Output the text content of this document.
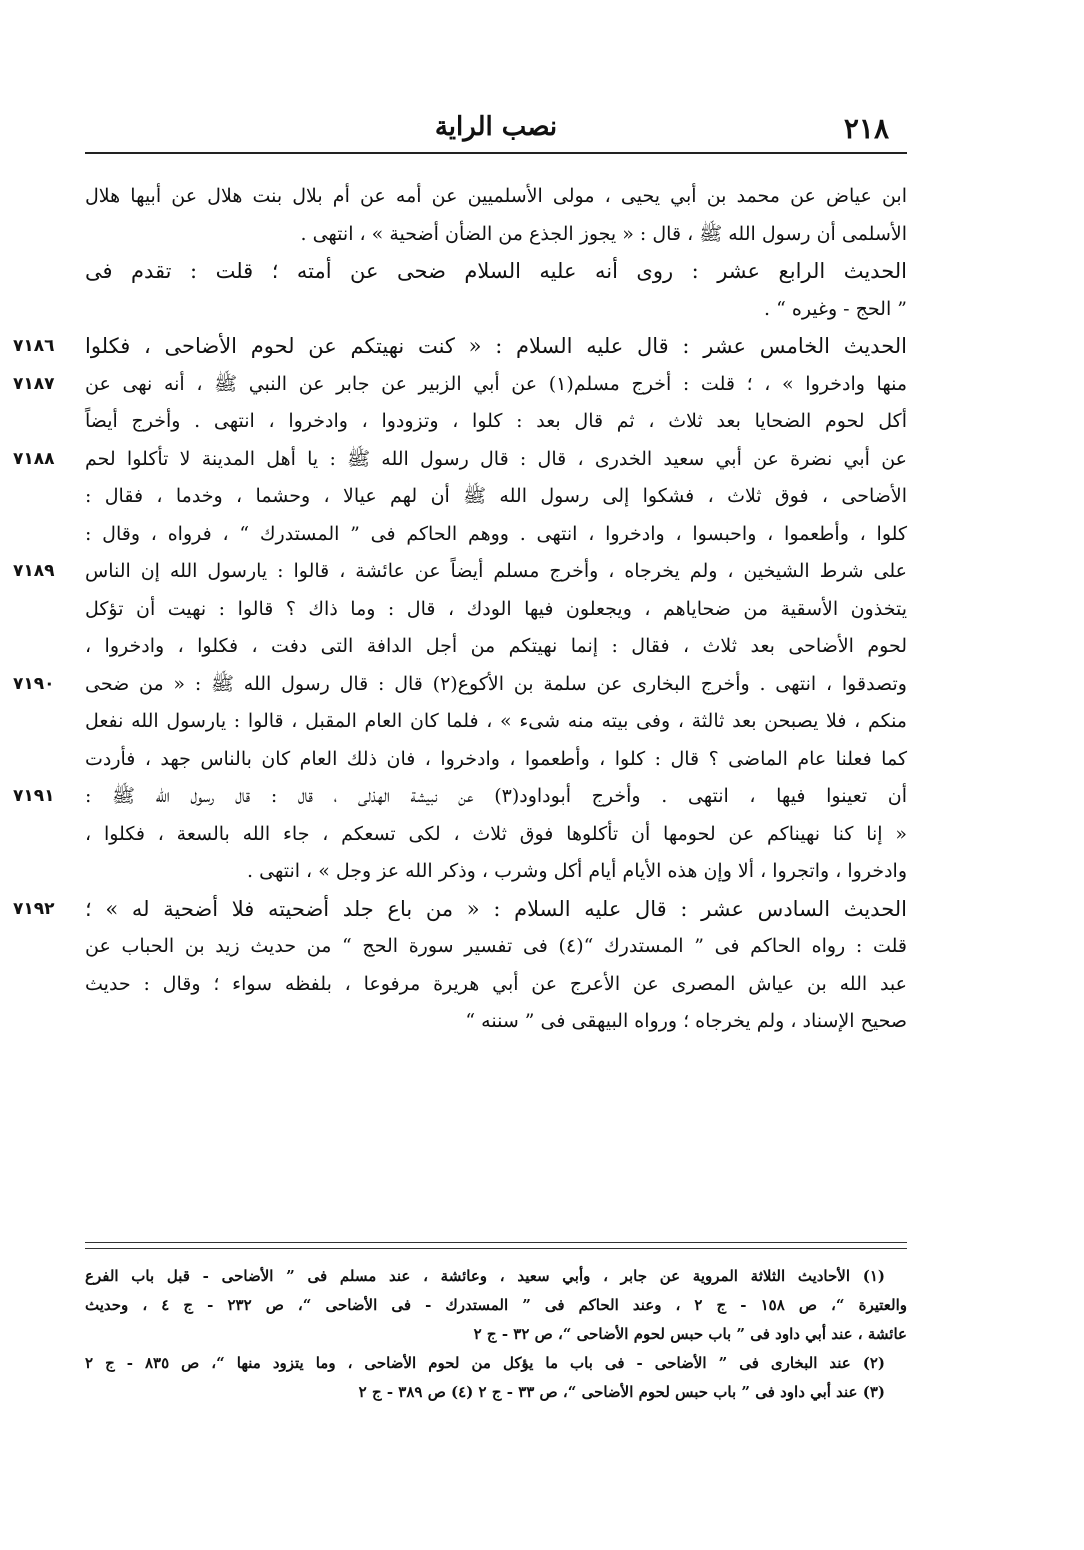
٢١٨
نصب الراية
ابن عياض عن محمد بن أبي يحيى ، مولى الأسلميين عن أمه عن أم بلال بنت هلال عن أبيها هلال
الأسلمى أن رسول الله ﷺ ، قال : « يجوز الجذع من الضأن أضحية » ، انتهى .
الحديث الرابع عشر : روى أنه عليه السلام ضحى عن أمته ؛ قلت : تقدم فى
” الحج - وغيره “ .
٧١٨٦	الحديث الخامس عشر : قال عليه السلام : « كنت نهيتكم عن لحوم الأضاحى ، فكلوا
٧١٨٧	منها وادخروا » ، ؛ قلت : أخرج مسلم(١) عن أبي الزبير عن جابر عن النبي ﷺ ، أنه نهى عن
أكل لحوم الضحايا بعد ثلاث ، ثم قال بعد : كلوا ، وتزودوا ، وادخروا ، انتهى . وأخرج أيضاً
٧١٨٨	عن أبي نضرة عن أبي سعيد الخدرى ، قال : قال رسول الله ﷺ : يا أهل المدينة لا تأكلوا لحم
الأضاحى ، فوق ثلاث ، فشكوا إلى رسول الله ﷺ أن لهم عيالا ، وحشما ، وخدما ، فقال :
كلوا ، وأطعموا ، واحبسوا ، وادخروا ، انتهى . ووهم الحاكم فى ” المستدرك “ ، فرواه ، وقال :
٧١٨٩	على شرط الشيخين ، ولم يخرجاه ، وأخرج مسلم أيضاً عن عائشة ، قالوا : يارسول الله إن الناس
يتخذون الأسقية من ضحاياهم ، ويجعلون فيها الودك ، قال : وما ذاك ؟ قالوا : نهيت أن تؤكل
لحوم الأضاحى بعد ثلاث ، فقال : إنما نهيتكم من أجل الدافة التى دفت ، فكلوا ، وادخروا ،
٧١٩٠	وتصدقوا ، انتهى . وأخرج البخارى عن سلمة بن الأكوع(٢) قال : قال رسول الله ﷺ : « من ضحى
منكم ، فلا يصبحن بعد ثالثة ، وفى بيته منه شىء » ، فلما كان العام المقبل ، قالوا : يارسول الله نفعل
كما فعلنا عام الماضى ؟ قال : كلوا ، وأطعموا ، وادخروا ، فان ذلك العام كان بالناس جهد ، فأردت
٧١٩١	أن تعينوا فيها ، انتهى . وأخرج أبوداود(٣) عن نبيشة الهذلى ، قال : قال رسول الله ﷺ :
« إنا كنا نهيناكم عن لحومها أن تأكلوها فوق ثلاث ، لكى تسعكم ، جاء الله بالسعة ، فكلوا ،
وادخروا ، واتجروا ، ألا وإن هذه الأيام أيام أكل وشرب ، وذكر الله عز وجل » ، انتهى .
٧١٩٢	الحديث السادس عشر : قال عليه السلام : « من باع جلد أضحيته فلا أضحية له » ؛
قلت : رواه الحاكم فى ” المستدرك “(٤) فى تفسير سورة الحج “ من حديث زيد بن الحباب عن
عبد الله بن عياش المصرى عن الأعرج عن أبي هريرة مرفوعا ، بلفظه سواء ؛ وقال : حديث
صحيح الإسناد ، ولم يخرجاه ؛ ورواه البيهقى فى ” سننه “
(١) الأحاديث الثلاثة المروية عن جابر ، وأبي سعيد ، وعائشة ، عند مسلم فى ” الأضاحى - قبل باب الفرع
والعتيرة “، ص ١٥٨ - ج ٢ ، وعند الحاكم فى ” المستدرك - فى الأضاحى “، ص ٢٣٢ - ج ٤ ، وحديث
عائشة ، عند أبي داود فى ” باب حبس لحوم الأضاحى “، ص ٣٢ - ج ٢
(٢) عند البخارى فى ” الأضاحى - فى باب ما يؤكل من لحوم الأضاحى ، وما يتزود منها “، ص ٨٣٥ - ج ٢
(٣) عند أبي داود فى ” باب حبس لحوم الأضاحى “، ص ٣٣ - ج ٢ (٤) ص ٣٨٩ - ج ٢
